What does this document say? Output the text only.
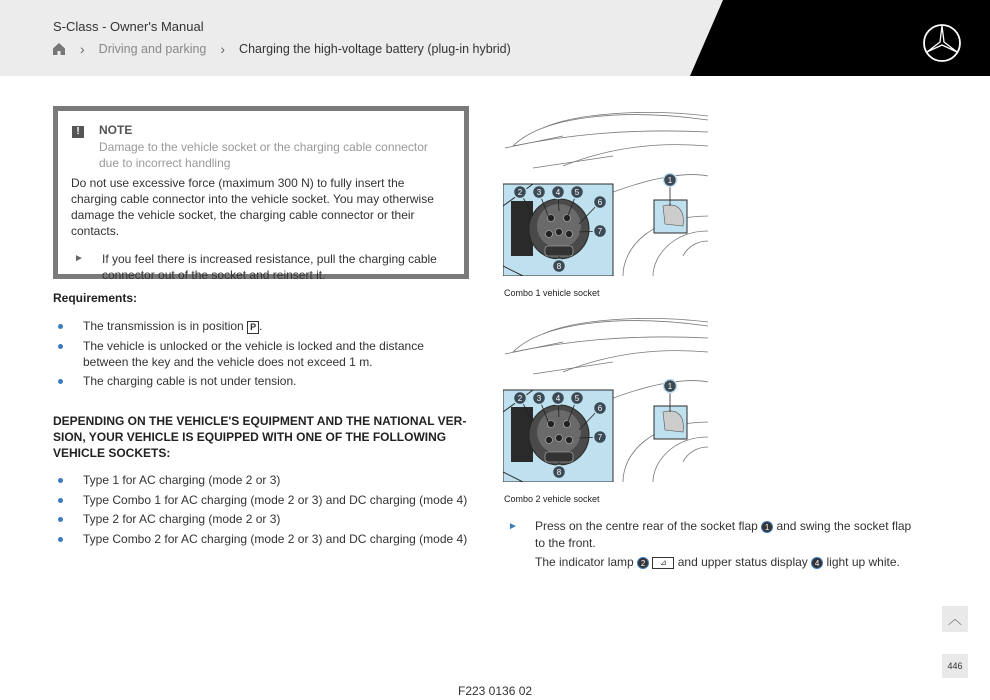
S-Class - Owner's Manual
› Driving and parking › Charging the high-voltage battery (plug-in hybrid)
!	NOTE
Damage to the vehicle socket or the charging cable connector due to incorrect handling
Do not use excessive force (maximum 300 N) to fully insert the charging cable connector into the vehicle socket. You may otherwise damage the vehicle socket, the charging cable connector or their contacts.
►	If you feel there is increased resistance, pull the charging cable connector out of the socket and reinsert it.
Requirements:
The transmission is in position P .
The vehicle is unlocked or the vehicle is locked and the distance between the key and the vehicle does not exceed 1 m.
The charging cable is not under tension.
DEPENDING ON THE VEHICLE'S EQUIPMENT AND THE NATIONAL VERSION, YOUR VEHICLE IS EQUIPPED WITH ONE OF THE FOLLOWING VEHICLE SOCKETS:
Type 1 for AC charging (mode 2 or 3)
Type Combo 1 for AC charging (mode 2 or 3) and DC charging (mode 4)
Type 2 for AC charging (mode 2 or 3)
Type Combo 2 for AC charging (mode 2 or 3) and DC charging (mode 4)
1
2 3 4 5
6
7
8
Combo 1 vehicle socket
1
2 3 4 5
6
7
8
Combo 2 vehicle socket
►	Press on the centre rear of the socket flap 1 and swing the socket flap to the front.
The indicator lamp 2 ⊿ and upper status display 4 light up white.
︿
446
F223 0136 02
